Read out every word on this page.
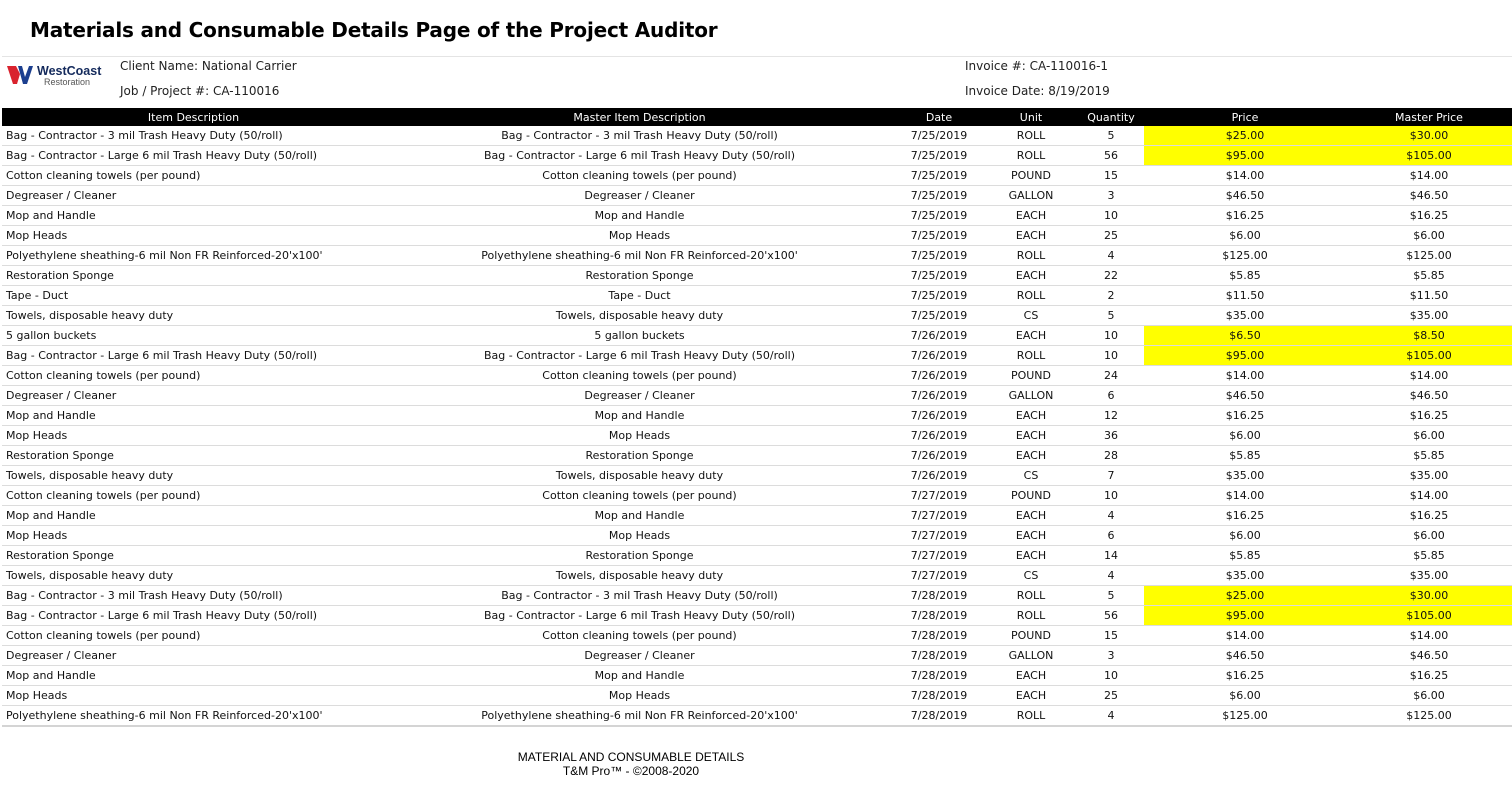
Materials and Consumable Details Page of the Project Auditor
WestCoast
Restoration
Client Name: National Carrier
Job / Project #: CA-110016
Invoice #: CA-110016-1
Invoice Date: 8/19/2019
Item Description	Master Item Description	Date	Unit	Quantity	Price	Master Price
Bag - Contractor - 3 mil Trash Heavy Duty (50/roll)	Bag - Contractor - 3 mil Trash Heavy Duty (50/roll)	7/25/2019	ROLL	5	$25.00	$30.00
Bag - Contractor - Large 6 mil Trash Heavy Duty (50/roll)	Bag - Contractor - Large 6 mil Trash Heavy Duty (50/roll)	7/25/2019	ROLL	56	$95.00	$105.00
Cotton cleaning towels (per pound)	Cotton cleaning towels (per pound)	7/25/2019	POUND	15	$14.00	$14.00
Degreaser / Cleaner	Degreaser / Cleaner	7/25/2019	GALLON	3	$46.50	$46.50
Mop and Handle	Mop and Handle	7/25/2019	EACH	10	$16.25	$16.25
Mop Heads	Mop Heads	7/25/2019	EACH	25	$6.00	$6.00
Polyethylene sheathing-6 mil Non FR Reinforced-20'x100'	Polyethylene sheathing-6 mil Non FR Reinforced-20'x100'	7/25/2019	ROLL	4	$125.00	$125.00
Restoration Sponge	Restoration Sponge	7/25/2019	EACH	22	$5.85	$5.85
Tape - Duct	Tape - Duct	7/25/2019	ROLL	2	$11.50	$11.50
Towels, disposable heavy duty	Towels, disposable heavy duty	7/25/2019	CS	5	$35.00	$35.00
5 gallon buckets	5 gallon buckets	7/26/2019	EACH	10	$6.50	$8.50
Bag - Contractor - Large 6 mil Trash Heavy Duty (50/roll)	Bag - Contractor - Large 6 mil Trash Heavy Duty (50/roll)	7/26/2019	ROLL	10	$95.00	$105.00
Cotton cleaning towels (per pound)	Cotton cleaning towels (per pound)	7/26/2019	POUND	24	$14.00	$14.00
Degreaser / Cleaner	Degreaser / Cleaner	7/26/2019	GALLON	6	$46.50	$46.50
Mop and Handle	Mop and Handle	7/26/2019	EACH	12	$16.25	$16.25
Mop Heads	Mop Heads	7/26/2019	EACH	36	$6.00	$6.00
Restoration Sponge	Restoration Sponge	7/26/2019	EACH	28	$5.85	$5.85
Towels, disposable heavy duty	Towels, disposable heavy duty	7/26/2019	CS	7	$35.00	$35.00
Cotton cleaning towels (per pound)	Cotton cleaning towels (per pound)	7/27/2019	POUND	10	$14.00	$14.00
Mop and Handle	Mop and Handle	7/27/2019	EACH	4	$16.25	$16.25
Mop Heads	Mop Heads	7/27/2019	EACH	6	$6.00	$6.00
Restoration Sponge	Restoration Sponge	7/27/2019	EACH	14	$5.85	$5.85
Towels, disposable heavy duty	Towels, disposable heavy duty	7/27/2019	CS	4	$35.00	$35.00
Bag - Contractor - 3 mil Trash Heavy Duty (50/roll)	Bag - Contractor - 3 mil Trash Heavy Duty (50/roll)	7/28/2019	ROLL	5	$25.00	$30.00
Bag - Contractor - Large 6 mil Trash Heavy Duty (50/roll)	Bag - Contractor - Large 6 mil Trash Heavy Duty (50/roll)	7/28/2019	ROLL	56	$95.00	$105.00
Cotton cleaning towels (per pound)	Cotton cleaning towels (per pound)	7/28/2019	POUND	15	$14.00	$14.00
Degreaser / Cleaner	Degreaser / Cleaner	7/28/2019	GALLON	3	$46.50	$46.50
Mop and Handle	Mop and Handle	7/28/2019	EACH	10	$16.25	$16.25
Mop Heads	Mop Heads	7/28/2019	EACH	25	$6.00	$6.00
Polyethylene sheathing-6 mil Non FR Reinforced-20'x100'	Polyethylene sheathing-6 mil Non FR Reinforced-20'x100'	7/28/2019	ROLL	4	$125.00	$125.00
MATERIAL AND CONSUMABLE DETAILS
T&M Pro™ - ©2008-2020
